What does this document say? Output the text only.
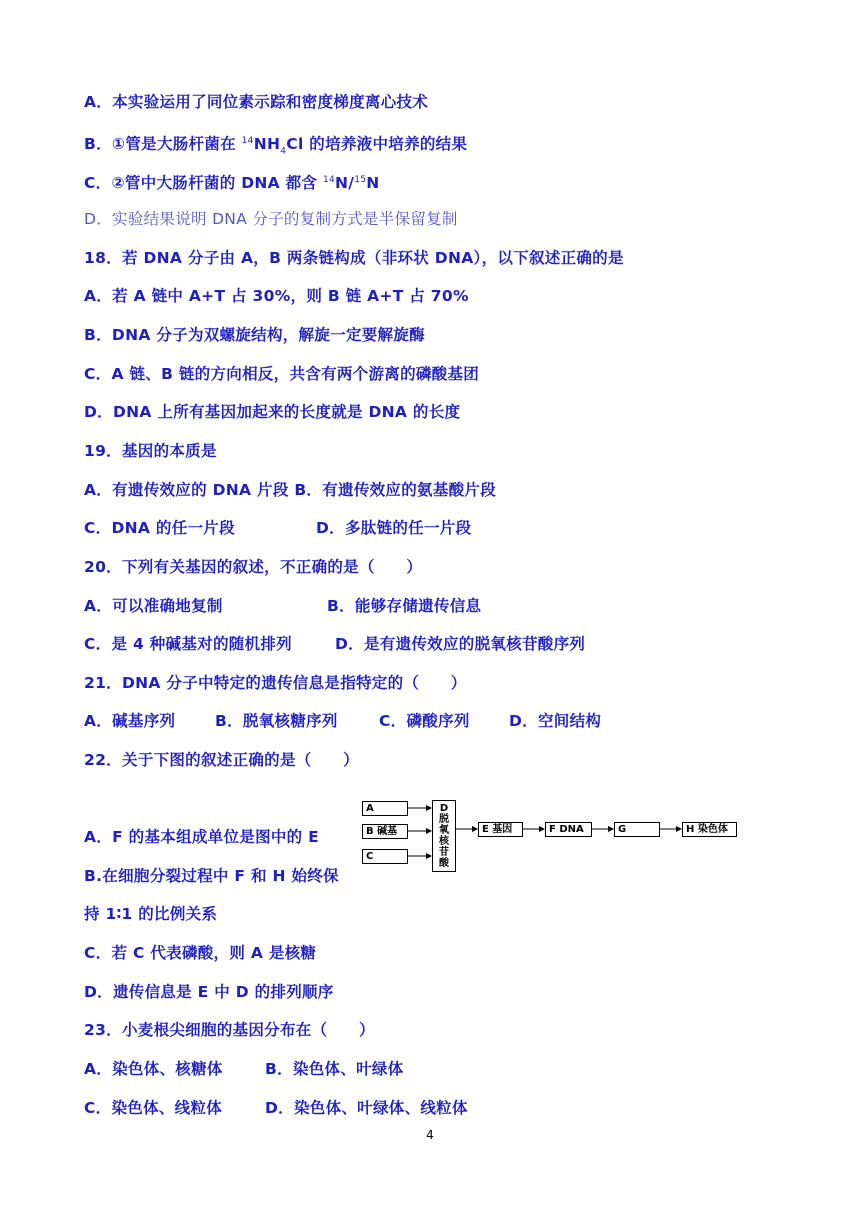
A．本实验运用了同位素示踪和密度梯度离心技术
B．①管是大肠杆菌在 $^{14}NH_4Cl$ 的培养液中培养的结果
C．②管中大肠杆菌的 DNA 都含 $^{14}$N/$^{15}$N
D．实验结果说明 DNA 分子的复制方式是半保留复制
18．若 DNA 分子由 A，B 两条链构成（非环状 DNA），以下叙述正确的是
A．若 A 链中 A+T 占 30%，则 B 链 A+T 占 70%
B．DNA 分子为双螺旋结构，解旋一定要解旋酶
C．A 链、B 链的方向相反，共含有两个游离的磷酸基团
D．DNA 上所有基因加起来的长度就是 DNA 的长度
19．基因的本质是
A．有遗传效应的 DNA 片段 B．有遗传效应的氨基酸片段
C．DNA 的任一片段	D．多肽链的任一片段
20．下列有关基因的叙述，不正确的是（　　）
A．可以准确地复制	B．能够存储遗传信息
C．是 4 种碱基对的随机排列	D．是有遗传效应的脱氧核苷酸序列
21．DNA 分子中特定的遗传信息是指特定的（　　）
A．碱基序列	B．脱氧核糖序列	C．磷酸序列	D．空间结构
22．关于下图的叙述正确的是（　　）
A．F 的基本组成单位是图中的 E
B.在细胞分裂过程中 F 和 H 始终保
持 1∶1 的比例关系
C．若 C 代表磷酸，则 A 是核糖
D．遗传信息是 E 中 D 的排列顺序
23．小麦根尖细胞的基因分布在（　　）
A．染色体、核糖体	B．染色体、叶绿体
C．染色体、线粒体	D．染色体、叶绿体、线粒体
A
B 碱基
C
D
脱
氧
核
苷
酸
E 基因	F DNA	G	H 染色体
4
